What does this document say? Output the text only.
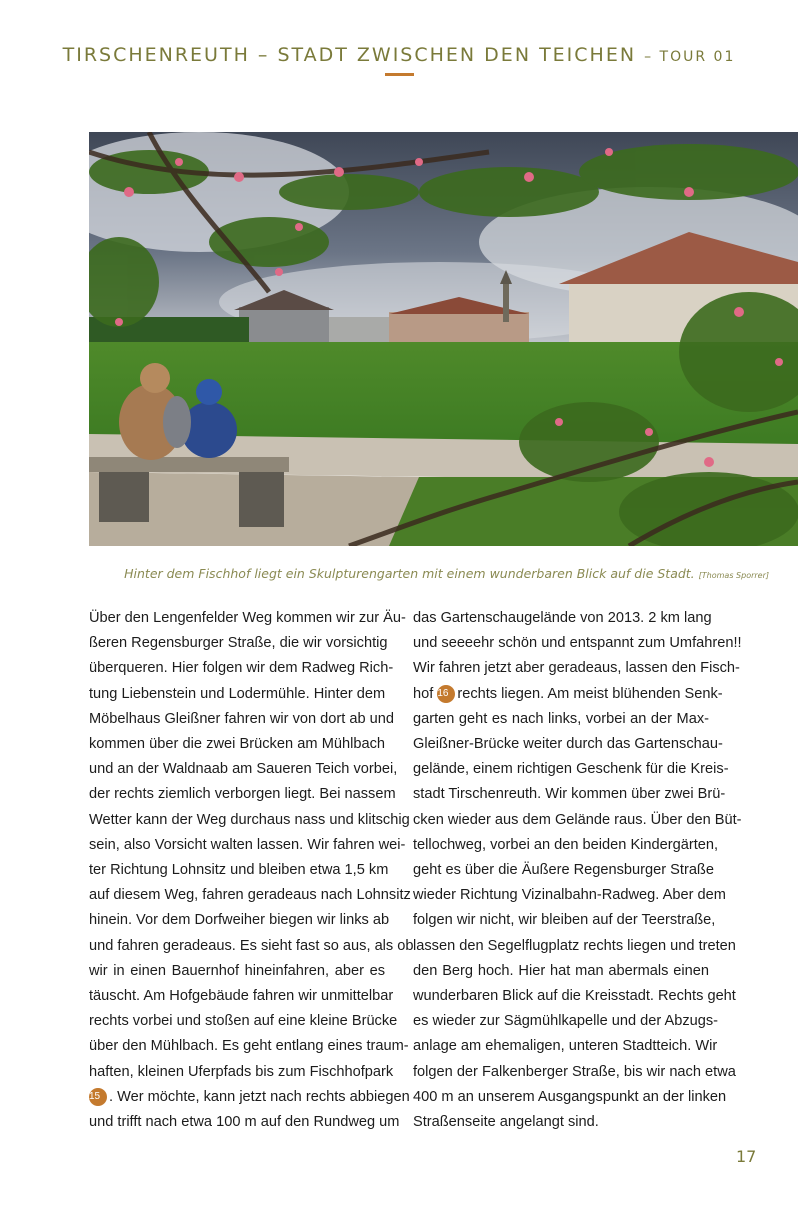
TIRSCHENREUTH – STADT ZWISCHEN DEN TEICHEN – TOUR 01
Hinter dem Fischhof liegt ein Skulpturengarten mit einem wunderbaren Blick auf die Stadt. [Thomas Sporrer]
Über den Lengenfelder Weg kommen wir zur Äu-
ßeren Regensburger Straße, die wir vorsichtig
überqueren. Hier folgen wir dem Radweg Rich-
tung Liebenstein und Lodermühle. Hinter dem
Möbelhaus Gleißner fahren wir von dort ab und
kommen über die zwei Brücken am Mühlbach
und an der Waldnaab am Saueren Teich vorbei,
der rechts ziemlich verborgen liegt. Bei nassem
Wetter kann der Weg durchaus nass und klitschig
sein, also Vorsicht walten lassen. Wir fahren wei-
ter Richtung Lohnsitz und bleiben etwa 1,5 km
auf diesem Weg, fahren geradeaus nach Lohnsitz
hinein. Vor dem Dorfweiher biegen wir links ab
und fahren geradeaus. Es sieht fast so aus, als ob
wir in einen Bauernhof hineinfahren, aber es
täuscht. Am Hofgebäude fahren wir unmittelbar
rechts vorbei und stoßen auf eine kleine Brücke
über den Mühlbach. Es geht entlang eines traum-
haften, kleinen Uferpfads bis zum Fischhofpark
15 . Wer möchte, kann jetzt nach rechts abbiegen
und trifft nach etwa 100 m auf den Rundweg um
das Gartenschaugelände von 2013. 2 km lang
und seeeehr schön und entspannt zum Umfahren!!
Wir fahren jetzt aber geradeaus, lassen den Fisch-
hof 16 rechts liegen. Am meist blühenden Senk-
garten geht es nach links, vorbei an der Max-
Gleißner-Brücke weiter durch das Gartenschau-
gelände, einem richtigen Geschenk für die Kreis-
stadt Tirschenreuth. Wir kommen über zwei Brü-
cken wieder aus dem Gelände raus. Über den Büt-
tellochweg, vorbei an den beiden Kindergärten,
geht es über die Äußere Regensburger Straße
wieder Richtung Vizinalbahn-Radweg. Aber dem
folgen wir nicht, wir bleiben auf der Teerstraße,
lassen den Segelflugplatz rechts liegen und treten
den Berg hoch. Hier hat man abermals einen
wunderbaren Blick auf die Kreisstadt. Rechts geht
es wieder zur Sägmühlkapelle und der Abzugs-
anlage am ehemaligen, unteren Stadtteich. Wir
folgen der Falkenberger Straße, bis wir nach etwa
400 m an unserem Ausgangspunkt an der linken
Straßenseite angelangt sind.
17
